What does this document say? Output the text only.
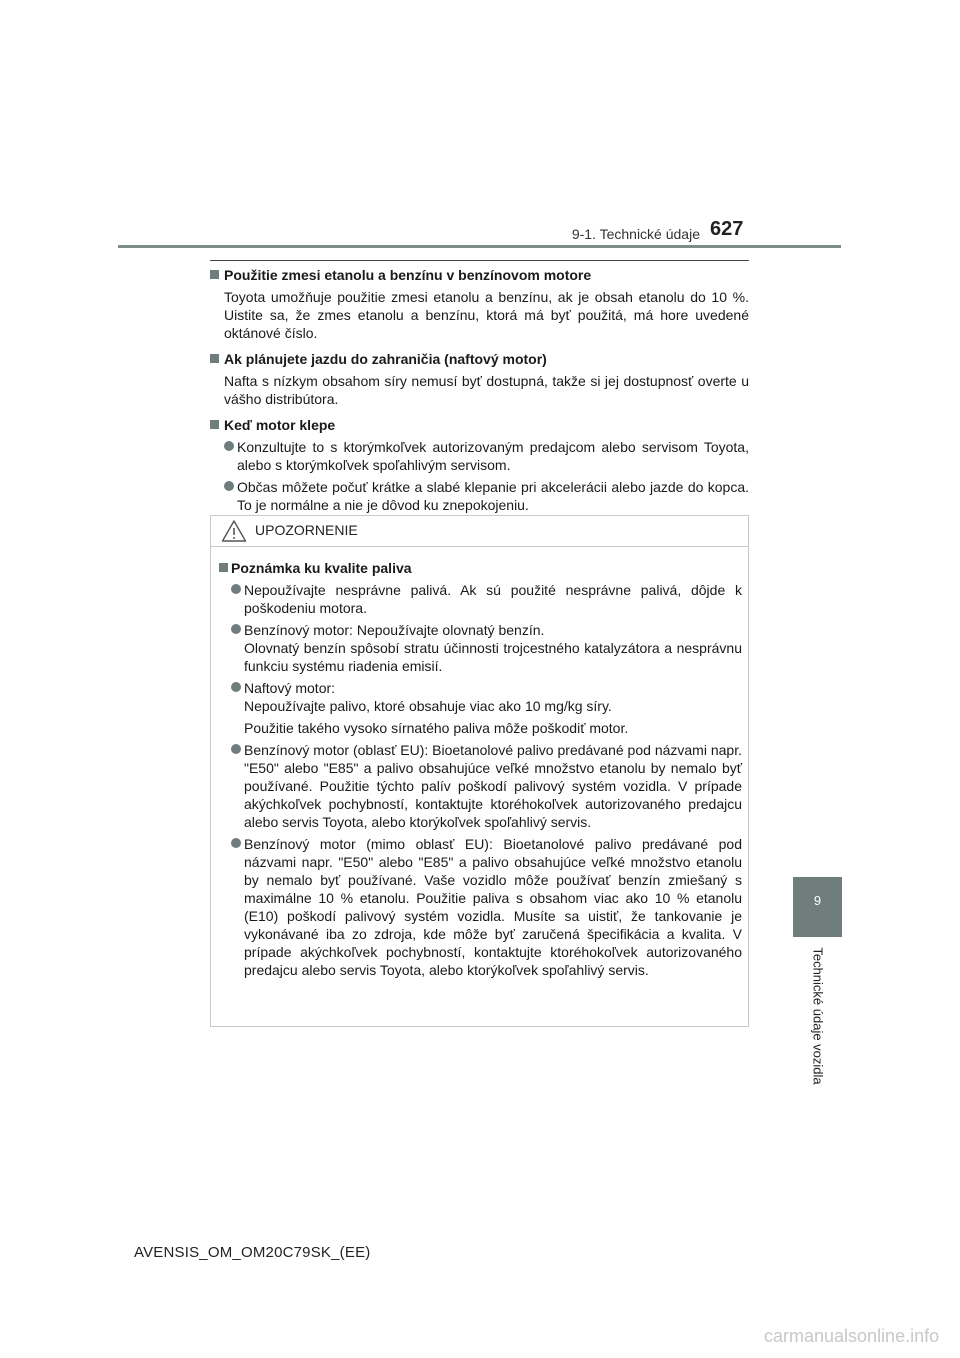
9-1. Technické údaje 627
9
Technické údaje vozidla
Použitie zmesi etanolu a benzínu v benzínovom motore
Toyota umožňuje použitie zmesi etanolu a benzínu, ak je obsah etanolu do 10 %. Uistite sa, že zmes etanolu a benzínu, ktorá má byť použitá, má hore uvedené oktánové číslo.
Ak plánujete jazdu do zahraničia (naftový motor)
Nafta s nízkym obsahom síry nemusí byť dostupná, takže si jej dostupnosť overte u vášho distribútora.
Keď motor klepe
Konzultujte to s ktorýmkoľvek autorizovaným predajcom alebo servisom Toyota, alebo s ktorýmkoľvek spoľahlivým servisom.
Občas môžete počuť krátke a slabé klepanie pri akcelerácii alebo jazde do kopca. To je normálne a nie je dôvod ku znepokojeniu.
UPOZORNENIE
Poznámka ku kvalite paliva
Nepoužívajte nesprávne palivá. Ak sú použité nesprávne palivá, dôjde k poškodeniu motora.
Benzínový motor: Nepoužívajte olovnatý benzín.
Olovnatý benzín spôsobí stratu účinnosti trojcestného katalyzátora a nesprávnu funkciu systému riadenia emisií.
Naftový motor:
Nepoužívajte palivo, ktoré obsahuje viac ako 10 mg/kg síry.
Použitie takého vysoko sírnatého paliva môže poškodiť motor.
Benzínový motor (oblasť EU): Bioetanolové palivo predávané pod názvami napr. "E50" alebo "E85" a palivo obsahujúce veľké množstvo etanolu by nemalo byť používané. Použitie týchto palív poškodí palivový systém vozidla. V prípade akýchkoľvek pochybností, kontaktujte ktoréhokoľvek autorizovaného predajcu alebo servis Toyota, alebo ktorýkoľvek spoľahlivý servis.
Benzínový motor (mimo oblasť EU): Bioetanolové palivo predávané pod názvami napr. "E50" alebo "E85" a palivo obsahujúce veľké množstvo etanolu by nemalo byť používané. Vaše vozidlo môže používať benzín zmiešaný s maximálne 10 % etanolu. Použitie paliva s obsahom viac ako 10 % etanolu (E10) poškodí palivový systém vozidla. Musíte sa uistiť, že tankovanie je vykonávané iba zo zdroja, kde môže byť zaručená špecifikácia a kvalita. V prípade akýchkoľvek pochybností, kontaktujte ktoréhokoľvek autorizovaného predajcu alebo servis Toyota, alebo ktorýkoľvek spoľahlivý servis.
AVENSIS_OM_OM20C79SK_(EE)
carmanualsonline.info
